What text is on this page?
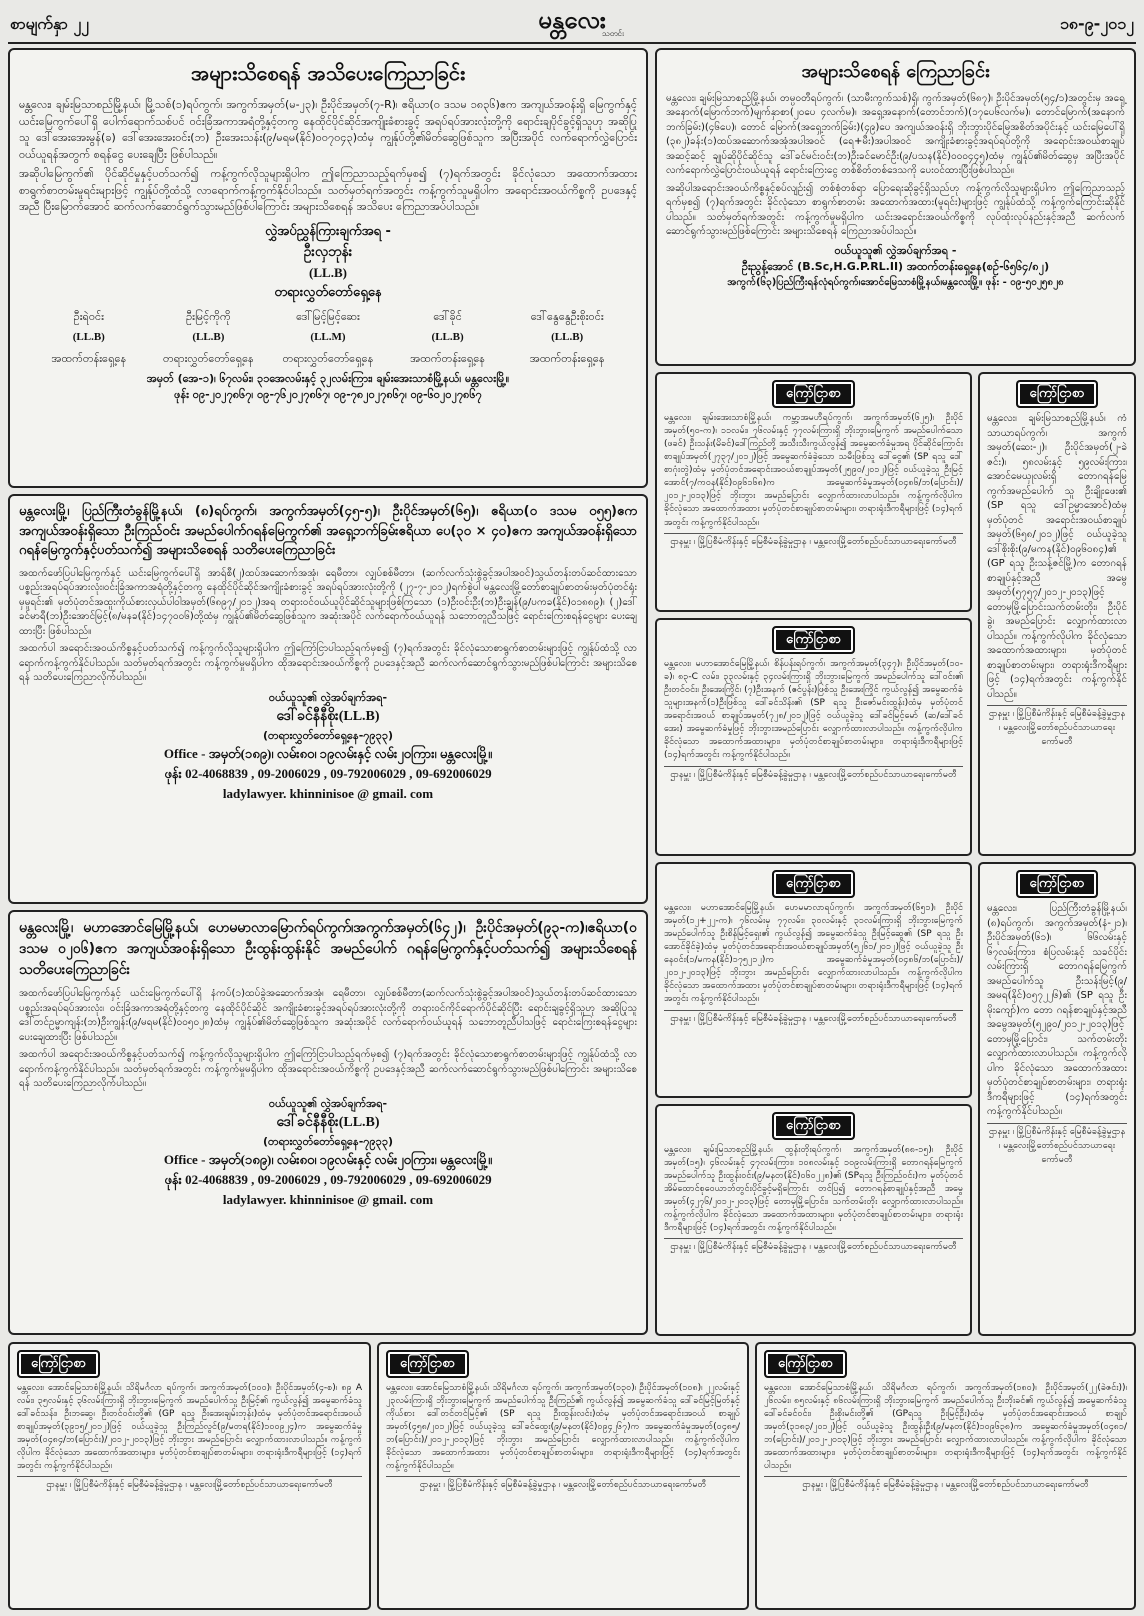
စာမျက်နှာ ၂၂	မန္တလေး
သတင်း
၁၈-၉-၂၀၁၂
အများသိစေရန် အသိပေးကြေညာခြင်း

မန္တလေး၊ ချမ်းမြသာစည်မြို့နယ်၊ မြို့သစ်(၁)ရပ်ကွက်၊ အကွက်အမှတ်(မ-၂၃)၊ ဦးပိုင်အမှတ်(၇-R)၊ ဧရိယာ(၀ ဒသမ ၁၈၃၆)ဧက အကျယ်အဝန်းရှိ မြေကွက်နှင့် ယင်းမြေကွက်ပေါ်ရှိ ပေါက်ရောက်သစ်ပင် ဝင်းခြံအကာအရံတို့နှင့်တကွ နေထိုင်ပိုင်ဆိုင်အကျိုးခံစားခွင့် အရပ်ရပ်အားလုံးတို့ကို ရောင်းချပိုင်ခွင့်ရှိသူဟု အဆိုပြုသူ ဒေါ်အေးအေးမွန်(ခ) ဒေါ်အေးအေးဝင်း(ဘ) ဦးအေးသန်း(၉/မရမ(နိုင်)၀၀၇၀၄၃)ထံမှ ကျွန်ုပ်တို့၏မိတ်ဆွေဖြစ်သူက အပြီးအပိုင် လက်ရောက်လွှဲပြောင်း ဝယ်ယူရန်အတွက် စရန်ငွေ ပေးချေပြီး ဖြစ်ပါသည်။

အဆိုပါမြေကွက်၏ ပိုင်ဆိုင်မှုနှင့်ပတ်သက်၍ ကန့်ကွက်လိုသူများရှိပါက ဤကြေညာသည့်ရက်မှစ၍ (၇)ရက်အတွင်း ခိုင်လုံသော အထောက်အထား စာရွက်စာတမ်းမူရင်းများဖြင့် ကျွန်ုပ်တို့ထံသို့ လာရောက်ကန့်ကွက်နိုင်ပါသည်။ သတ်မှတ်ရက်အတွင်း ကန့်ကွက်သူမရှိပါက အရောင်းအဝယ်ကိစ္စကို ဥပဒေနှင့်အညီ ပြီးမြောက်အောင် ဆက်လက်ဆောင်ရွက်သွားမည်ဖြစ်ပါကြောင်း အများသိစေရန် အသိပေး ကြေညာအပ်ပါသည်။

လွှဲအပ်ညွှန်ကြားချက်အရ -
ဦးလှဘုန်း
(LL.B)
တရားလွှတ်တော်ရှေ့နေ
ဦးရဲဝင်း	ဦးမြင့်ကိုကို	ဒေါ်မြင့်မြင့်ဆေး	ဒေါ်ခိုင်	ဒေါ်နွေနွေဦးစိုးဝင်း
(LL.B)	(LL.B)	(LL.M)	(LL.B)	(LL.B)
အထက်တန်းရှေ့နေ	တရားလွှတ်တော်ရှေ့နေ	တရားလွှတ်တော်ရှေ့နေ	အထက်တန်းရှေ့နေ	အထက်တန်းရှေ့နေ
အမှတ် (အေ-၁)၊ ၆၇လမ်း၊ ၃၁အေလမ်းနှင့် ၃၂လမ်းကြား၊ ချမ်းအေးသာစံမြို့နယ်၊ မန္တလေးမြို့။
ဖုန်း ၀၉-၂၀၂၇၈၆၇၊ ၀၉-၇၆၂၀၂၇၈၆၇၊ ၀၉-၇၈၂၀၂၇၈၆၇၊ ၀၉-၆၀၂၀၂၇၈၆၇
အများသိစေရန် ကြေညာခြင်း

မန္တလေး၊ ချမ်းမြသာစည်မြို့နယ်၊ တမ္ပဝတီရပ်ကွက်၊ (သာမီးကွက်သစ်)ရှိ၊ ကွက်အမှတ်(၆၈၇)၊ ဦးပိုင်အမှတ်(၅၄/၁)အတွင်းမှ အရှေ့အနောက်(မြောက်ဘက်)မျက်နှာစာ(၂၀ပေ ၄လက်မ)၊ အရှေ့အနောက်(တောင်ဘက်)(၁၇ပေ၆လက်မ)၊ တောင်မြောက်(အနောက်ဘက်ခြမ်း)(၄၆ပေ)၊ တောင် မြောက်(အရှေ့ဘက်ခြမ်း)(၄၉)ပေ အကျယ်အဝန်းရှိ ဘိုးဘွားပိုင်မြေအစိတ်အပိုင်းနှင့် ယင်းမြေပေါ်ရှိ (၃၈၂)ခန်း(၁)ထပ်အဆောက်အအုံအပါအဝင် (ရေ+မီး)အပါအဝင် အကျိုးခံစားခွင့်အရပ်ရပ်တို့ကို အရောင်းအဝယ်စာချုပ်အဆင့်ဆင့် ချုပ်ဆိုပိုင်ဆိုင်သူ ဒေါ်ခင်မင်းဝင်း(ဘ)ဦးခင်မောင်ဦး(၉/ပသန(နိုင်)၀၀၀၄၄၅)ထံမှ ကျွန်ုပ်၏မိတ်ဆွေမှ အပြီးအပိုင် လက်ရောက်လွှဲပြောင်းဝယ်ယူရန် ရောင်းကြေးငွေ တစ်စိတ်တစ်ဒေသကို ပေးဝင်ထားပြီးဖြစ်ပါသည်။

အဆိုပါအရောင်းအဝယ်ကိစ္စနှင့်စပ်လျဉ်း၍ တစ်စုံတစ်ရာ ပြောရေးဆိုခွင့်ရှိသည်ဟု ကန့်ကွက်လိုသူများရှိပါက ဤကြေညာသည့်ရက်မှစ၍ (၇)ရက်အတွင်း ခိုင်လုံသော စာရွက်စာတမ်း အထောက်အထား(မူရင်း)များဖြင့် ကျွန်ုပ်ထံသို့ ကန့်ကွက်ကြောင်းဆိုနိုင်ပါသည်။ သတ်မှတ်ရက်အတွင်း ကန့်ကွက်မှုမရှိပါက ယင်းအရောင်းအဝယ်ကိစ္စကို လုပ်ထုံးလုပ်နည်းနှင့်အညီ ဆက်လက်ဆောင်ရွက်သွားမည်ဖြစ်ကြောင်း အများသိစေရန် ကြေညာအပ်ပါသည်။

ဝယ်ယူသူ၏ လွှဲအပ်ချက်အရ -
ဦးညွန့်အောင် (B.Sc,H.G.P.RL.II) အထက်တန်းရှေ့နေ(စဉ်-၆၅၆၄/၈၂)
အကွက်(၆၃)ပြည်ကြီးရန်လုံရပ်ကွက်၊အောင်မြေသာစံမြို့နယ်၊မန္တလေးမြို့။ ဖုန်း - ၀၉-၅၀၂၅၈၂၈
မန္တလေးမြို့၊ ပြည်ကြီးတံခွန်မြို့နယ်၊ (၈)ရပ်ကွက်၊ အကွက်အမှတ်(၄၅-၅)၊ ဦးပိုင်အမှတ်(၆၅)၊ ဧရိယာ(၀ ဒသမ ၀၅၅)ဧက အကျယ်အဝန်းရှိသော ဦးကြည်ဝင်း အမည်ပေါက်ဂရန်မြေကွက်၏ အရှေ့ဘက်ခြမ်းဧရိယာ ပေ(၃၀ × ၄၀)ဧက အကျယ်အဝန်းရှိသော ဂရန်မြေကွက်နှင့်ပတ်သက်၍ အများသိစေရန် သတိပေးကြေညာခြင်း

အထက်ဖော်ပြပါမြေကွက်နှင့် ယင်းမြေကွက်ပေါ်ရှိ အာရ်စီ(၂)ထပ်အဆောက်အအုံ၊ ရေမီတာ၊ လျှပ်စစ်မီတာ၊ (ဆက်လက်သုံးစွဲခွင့်အပါအဝင်)သွယ်တန်းတပ်ဆင်ထားသော ပစ္စည်းအရပ်ရပ်အားလုံး၊ဝင်းခြံအကာအရံတို့နှင့်တကွ နေထိုင်ပိုင်ဆိုင်အကျိုးခံစားခွင့် အရပ်ရပ်အားလုံးတို့ကို (၂၇-၇-၂၀၁၂)ရက်စွဲပါ မန္တလေးမြို့တော်စာချုပ်စာတမ်းမှတ်ပုံတင်ရုံးမှမူရင်း၏ မှတ်ပုံတင်အထူးကိုယ်စားလှယ်ပါဝါအမှတ်(၆၈၉၇/၂၀၁၂)အရ တရားဝင်ဝယ်ယူပိုင်ဆိုင်သူများဖြစ်ကြသော (၁)ဦးဝင်းဦး(ဘ)ဦးချွန်(၉/ပကခ(နိုင်)၀၁၈၈၉)၊ (၂)ဒေါ်ခင်မာရီ(ဘ)ဦးအောင်မြင့်(၈/မနခ(နိုင်)၁၄၇၀၀၆)တို့ထံမှ ကျွန်ုပ်၏မိတ်ဆွေဖြစ်သူက အဆုံးအပိုင် လက်ရောက်ဝယ်ယူရန် သဘောတူညီသဖြင့် ရောင်းကြေးစရန်ငွေများ ပေးချေထားပြီး ဖြစ်ပါသည်။

အထက်ပါ အရောင်းအဝယ်ကိစ္စနှင့်ပတ်သက်၍ ကန့်ကွက်လိုသူများရှိပါက ဤကြော်ငြာပါသည့်ရက်မှစ၍ (၇)ရက်အတွင်း ခိုင်လုံသောစာရွက်စာတမ်းများဖြင့် ကျွန်ုပ်ထံသို့ လာရောက်ကန့်ကွက်နိုင်ပါသည်။ သတ်မှတ်ရက်အတွင်း ကန့်ကွက်မှုမရှိပါက ထိုအရောင်းအဝယ်ကိစ္စကို ဥပဒေနှင့်အညီ ဆက်လက်ဆောင်ရွက်သွားမည်ဖြစ်ပါကြောင်း အများသိစေရန် သတိပေးကြေညာလိုက်ပါသည်။

ဝယ်ယူသူ၏ လွှဲအပ်ချက်အရ-
ဒေါ်ခင်နီနီစိုး(LL.B)
(တရားလွှတ်တော်ရှေ့နေ-၇၉၃၃)
Office - အမှတ်(၁၈၉)၊ လမ်း၈၀၊ ၁၉လမ်းနှင့် လမ်း၂၀ကြား၊ မန္တလေးမြို့။
ဖုန်း 02-4068839 , 09-2006029 , 09-792006029 , 09-692006029
ladylawyer. khinninisoe @ gmail. com
မန္တလေးမြို့၊ မဟာအောင်မြေမြို့နယ်၊ ဟေမမာလာမြောက်ရပ်ကွက်၊အကွက်အမှတ်(၆၄၂)၊ ဦးပိုင်အမှတ်(၉၃-က)၊ဧရိယာ(၀ ဒသမ ၀၂၀၆)ဧက အကျယ်အဝန်းရှိသော ဦးထွန်းထွန်းနိုင် အမည်ပေါက် ဂရန်မြေကွက်နှင့်ပတ်သက်၍ အများသိစေရန် သတိပေးကြေညာခြင်း

အထက်ဖော်ပြပါမြေကွက်နှင့် ယင်းမြေကွက်ပေါ်ရှိ နံကပ်(၁)ထပ်ခွဲအဆောက်အအုံ၊ ရေမီတာ၊ လျှပ်စစ်မီတာ(ဆက်လက်သုံးစွဲခွင့်အပါအဝင်)သွယ်တန်းတပ်ဆင်ထားသော ပစ္စည်းအရပ်ရပ်အားလုံး၊ ဝင်းခြံအကာအရံတို့နှင့်တကွ နေထိုင်ပိုင်ဆိုင် အကျိုးခံစားခွင့်အရပ်ရပ်အားလုံးတို့ကို တရားဝင်ကိုင်ရောက်ပိုင်ဆိုင်ပြီး ရောင်းချခွင့်ရှိသူဟု အဆိုပြုသူ ဒေါ်တင်ဥမ္မာကျန်း(ဘ)ဦးကျွန်း(၉/မရမ(နိုင်)၀၀၅၀၂၈)ထံမှ ကျွန်ုပ်၏မိတ်ဆွေဖြစ်သူက အဆုံးအပိုင် လက်ရောက်ဝယ်ယူရန် သဘောတူညီပါသဖြင့် ရောင်းကြေးစရန်ငွေများ ပေးချေထားပြီး ဖြစ်ပါသည်။

အထက်ပါ အရောင်းအဝယ်ကိစ္စနှင့်ပတ်သက်၍ ကန့်ကွက်လိုသူများရှိပါက ဤကြော်ငြာပါသည့်ရက်မှစ၍ (၇)ရက်အတွင်း ခိုင်လုံသောစာရွက်စာတမ်းများဖြင့် ကျွန်ုပ်ထံသို့ လာရောက်ကန့်ကွက်နိုင်ပါသည်။ သတ်မှတ်ရက်အတွင်း ကန့်ကွက်မှုမရှိပါက ထိုအရောင်းအဝယ်ကိစ္စကို ဥပဒေနှင့်အညီ ဆက်လက်ဆောင်ရွက်သွားမည်ဖြစ်ပါကြောင်း အများသိစေရန် သတိပေးကြေညာလိုက်ပါသည်။

ဝယ်ယူသူ၏ လွှဲအပ်ချက်အရ-
ဒေါ်ခင်နီနီစိုး(LL.B)
(တရားလွှတ်တော်ရှေ့နေ-၇၉၃၃)
Office - အမှတ်(၁၈၉)၊ လမ်း၈၀၊ ၁၉လမ်းနှင့် လမ်း၂၀ကြား၊ မန္တလေးမြို့။
ဖုန်း 02-4068839 , 09-2006029 , 09-792006029 , 09-692006029
ladylawyer. khinninisoe @ gmail. com
ကြော်ငြာစာ

မန္တလေး၊ ချမ်းအေးသာစံမြို့နယ်၊ ကမ္ဘာ့အမဟီရပ်ကွက်၊ အကွက်အမှတ်(၆၂၅)၊ ဦးပိုင်အမှတ်(၅၀-က)၊ ၁၁လမ်း၊ ၇၆လမ်းနှင့် ၇၇လမ်းကြားရှိ ဘိုးဘွားမြေကွက် အမည်ပေါက်သော (ဖခင်) ဦးသန်း(မိခင်)ဒေါ်ကြည်တို့ အသီးသီးကွယ်လွန်၍ အမွေဆက်ခံမှုအရ ပိုင်ဆိုင်ကြောင်း စာချုပ်အမှတ်(၂၇၃၇/၂၀၁၂)ဖြင့် အမွေဆက်ခံခဲ့သော သမီးဖြစ်သူ ဒေါ်ငွေ၏ (SP ရသူ ဒေါ်စာဂုံးတွဲ)ထံမှ မှတ်ပုံတင်အရောင်းအဝယ်စာချုပ်အမှတ်(၂၅၉၀/၂၀၁၂)ဖြင့် ဝယ်ယူခဲ့သူ ဦးမြင့်အောင်(၇/ကဝန(နိုင်)၀၉၆၁၆၈)က အမွေဆက်ခံမှုအမှတ်(၀၄၈၆/ဘ(ပြောင်း)/၂၀၁၂-၂၀၁၃)ဖြင့် ဘိုးဘွား အမည်ပြောင်း လျှောက်ထားလာပါသည်။ ကန့်ကွက်လိုပါက ခိုင်လုံသော အထောက်အထား မှတ်ပုံတင်စာချုပ်စာတမ်းများ၊ တရားရုံးဒီကရီများဖြင့် (၁၄)ရက်အတွင်း ကန့်ကွက်နိုင်ပါသည်။

ဌာနမှူး ၊ မြို့ပြစီမံကိန်းနှင့် မြေစီမံခန့်ခွဲမှုဌာန ၊ မန္တလေးမြို့တော်စည်ပင်သာယာရေးကော်မတီ
ကြော်ငြာစာ

မန္တလေး၊ ချမ်းမြသာစည်မြို့နယ်၊ ကံသာယာရပ်ကွက်၊ အကွက်အမှတ်(ဆေး-၂)၊ ဦးပိုင်အမှတ်(၂-ခဲဇင်း)၊ ၅၈လမ်းနှင့် ၅၉လမ်းကြား၊ အောင်မေယှုလမ်းရှိ တောဂရန်မြေကွက်အမည်ပေါက် သူ ဦးချိုးဖေး၏ (SP ရသူ ဒေါ်ဥမ္မာအောင်)ထံမှ မှတ်ပုံတင် အရောင်းအဝယ်စာချုပ်အမှတ်(၆၅၈/၂၀၁၂)ဖြင့် ဝယ်ယူခဲ့သူ ဒေါ်စိုးစိုး(၉/မကန(နိုင်)၀၉၆၀၈၄)၏ (GP ရသူ ဦးသန့်ဇင်မြို့)က တောဂရန်စာချုပ်နှင့်အညီ အမွေအမှတ်(၅၇၅၇/၂၀၁၂-၂၀၁၃)ဖြင့် တောမှမြို့ပြောင်းသက်တမ်းတိုး၊ ဦးပိုင်ခွဲ၊ အမည်ပြောင်း လျှောက်ထားလာပါသည်။ ကန့်ကွက်လိုပါက ခိုင်လုံသော အထောက်အထားများ၊ မှတ်ပုံတင်စာချုပ်စာတမ်းများ၊ တရားရုံးဒီကရီများဖြင့် (၁၄)ရက်အတွင်း ကန့်ကွက်နိုင်ပါသည်။

ဌာနမှူး ၊ မြို့ပြစီမံကိန်းနှင့် မြေစီမံခန့်ခွဲမှုဌာန ၊ မန္တလေးမြို့တော်စည်ပင်သာယာရေးကော်မတီ
ကြော်ငြာစာ

မန္တလေး၊ မဟာအောင်မြေမြို့နယ်၊ စိန်ပန်းရပ်ကွက်၊ အကွက်အမှတ်(၃၄၇)၊ ဦးပိုင်အမှတ်(၁၀-ခ)၊ ၈၃-C လမ်း၊ ၃၃လမ်းနှင့် ၃၄လမ်းကြားရှိ ဘိုးဘွားမြေကွက် အမည်ပေါက်သူ ဒေါ်ဝင်း၏ ဦးတင်ဝင်း၊ ဦးအေးကြိုင်၊ (၇)ဦးအနက် (ဧင်ပွန်း)ဖြစ်သူ ဦးအေးကြိုင် ကွယ်လွန်၍ အမွေဆက်ခံသူများအနက်(၁)ဦးဖြစ်သူ ဒေါ်ခင်သိန်း၏ (SP ရသူ ဦးဇော်မင်းထွန်း)ထံမှ မှတ်ပုံတင်အရောင်းအဝယ် စာချုပ်အမှတ်(၇၂၈/၂၀၁၂)ဖြင့် ဝယ်ယူခဲ့သူ ဒေါ်ခင်မြင့်မော် (ဆ/ဒေါ်ခင်အေး) အမွေဆက်ခံမှုဖြင့် ဘိုးဘွားအမည်ပြောင်း လျှောက်ထားလာပါသည်။ ကန့်ကွက်လိုပါက ခိုင်လုံသော အထောက်အထားများ၊ မှတ်ပုံတင်စာချုပ်စာတမ်းများ၊ တရားရုံးဒီကရီများဖြင့် (၁၄)ရက်အတွင်း ကန့်ကွက်နိုင်ပါသည်။

ဌာနမှူး ၊ မြို့ပြစီမံကိန်းနှင့် မြေစီမံခန့်ခွဲမှုဌာန ၊ မန္တလေးမြို့တော်စည်ပင်သာယာရေးကော်မတီ
ကြော်ငြာစာ

မန္တလေး၊ မဟာအောင်မြေမြို့နယ်၊ ဟေမမာလာရပ်ကွက်၊ အကွက်အမှတ်(၆၅၁)၊ ဦးပိုင်အမှတ်(၁၂+၂၂-က)၊ ၇၆လမ်းမှ ၇၇လမ်း၊ ၃၀လမ်းနှင့် ၃၁လမ်းကြားရှိ ဘိုးဘွားမြေကွက် အမည်ပေါက်သူ ဦးစိန်မြင့်ရှေး၏ ကွယ်လွန်၍ အမွေဆက်ခံသူ ဦးမြင့်ဆွေ၏ (SP ရသူ ဦးအောင်ခိုင်ခဲ့)ထံမှ မှတ်ပုံတင်အရောင်းအဝယ်စာချုပ်အမှတ်(၅၂၆၁/၂၀၁၂)ဖြင့် ဝယ်ယူခဲ့သူ ဦးနေဝင်း(၁/မကန(နိုင်)၁၇၅၂၁၂)က အမွေဆက်ခံမှုအမှတ်(၀၄၈၆/ဘ(ပြောင်း)/၂၀၁၂-၂၀၁၃)ဖြင့် ဘိုးဘွား အမည်ပြောင်း လျှောက်ထားလာပါသည်။ ကန့်ကွက်လိုပါက ခိုင်လုံသော အထောက်အထား မှတ်ပုံတင်စာချုပ်စာတမ်းများ၊ တရားရုံးဒီကရီများဖြင့် (၁၄)ရက်အတွင်း ကန့်ကွက်နိုင်ပါသည်။

ဌာနမှူး ၊ မြို့ပြစီမံကိန်းနှင့် မြေစီမံခန့်ခွဲမှုဌာန ၊ မန္တလေးမြို့တော်စည်ပင်သာယာရေးကော်မတီ
ကြော်ငြာစာ

မန္တလေး၊ ပြည်ကြီးတံခွန်မြို့နယ်၊ (၈)ရပ်ကွက်၊ အကွက်အမှတ်(နံ-၂၁)၊ ဦးပိုင်အမှတ်(၆၁)၊ ၆၆လမ်းနှင့် ၆၇လမ်းကြား၊ စံပြလမ်းနှင့် သခင်ပိုင်းလမ်းကြားရှိ တောဂရန်မြေကွက် အမည်ပေါက်သူ ဦးသန်းမြင့်(၉/အမရ(နိုင်)၀၅၇၂၂၆)၏ (SP ရသူ ဦးမိုးကျော်)က တော ဂရန်စာချုပ်နှင့်အညီ အမွေအမှတ်(၅၂၉၀/၂၀၁၂-၂၀၁၃)ဖြင့် တောမှမြို့ပြောင်း၊ သက်တမ်းတိုး လျှောက်ထားလာပါသည်။ ကန့်ကွက်လိုပါက ခိုင်လုံသော အထောက်အထား မှတ်ပုံတင်စာချုပ်စာတမ်းများ၊ တရားရုံးဒီကရီများဖြင့် (၁၄)ရက်အတွင်း ကန့်ကွက်နိုင်ပါသည်။

ဌာနမှူး ၊ မြို့ပြစီမံကိန်းနှင့် မြေစီမံခန့်ခွဲမှုဌာန ၊ မန္တလေးမြို့တော်စည်ပင်သာယာရေးကော်မတီ
ကြော်ငြာစာ

မန္တလေး၊ ချမ်းမြသာစည်မြို့နယ်၊ ထွန်းတိုးရပ်ကွက်၊ အကွက်အမှတ်(၈၈-၁၅)၊ ဦးပိုင်အမှတ်(၁၅)၊ ၄၆လမ်းနှင့် ၄၇လမ်းကြား၊ ၁၀၈လမ်းနှင့် ၁၀၉လမ်းကြားရှိ တောဂရန်မြေကွက်အမည်ပေါက်သူ ဦးထွန်းဝင်း(၉/မနတ(နိုင်)၀၆၀၂၂၈)၏ (SPရသူ ဦးကြည်ဝင်း)က မှတ်ပုံတင် အိမ်ထောင်စုဝေယာဘ်တွင်းပိုင်ခွင့်မရှိကြောင်း တင်ပြ၍ တောဂရန်စာချုပ်နှင့်အညီ အမွေအမှတ်(၄၂၇၆/၂၀၁၂-၂၀၁၃)ဖြင့် တောမှမြို့ပြောင်း၊ သက်တမ်းတိုး လျှောက်ထားလာပါသည်။ ကန့်ကွက်လိုပါက ခိုင်လုံသော အထောက်အထားများ၊ မှတ်ပုံတင်စာချုပ်စာတမ်းများ၊ တရားရုံးဒီကရီများဖြင့် (၁၄)ရက်အတွင်း ကန့်ကွက်နိုင်ပါသည်။

ဌာနမှူး ၊ မြို့ပြစီမံကိန်းနှင့် မြေစီမံခန့်ခွဲမှုဌာန ၊ မန္တလေးမြို့တော်စည်ပင်သာယာရေးကော်မတီ
ကြော်ငြာစာ

မန္တလေး၊ အောင်မြေသာစံမြို့နယ်၊ သိရိမင်္ဂလာ ရပ်ကွက်၊ အကွက်အမှတ်(၁၀၀)၊ ဦးပိုင်အမှတ်(၄-စ)၊ ၈၉ A လမ်း၊ ၃၅လမ်းနှင့် ၃၆လမ်းကြားရှိ ဘိုးဘွားမြေကွက် အမည်ပေါက်သူ ဦးမြင့်၏ ကွယ်လွန်၍ အမွေဆက်ခံသူ ဒေါ်ခင်သန်း၊ ဦးဘဆွေ၊ ဦးတင်ဝင်းတို့၏ (GP ရသူ ဦးအေးချမ်းဘုန်း)ထံမှ မှတ်ပုံတင်အရောင်းအဝယ် စာချုပ်အမှတ်(၃၉၁၅/၂၀၁၂)ဖြင့် ဝယ်ယူခဲ့သူ ဦးကြည်လွင်(၉/မတရ(နိုင်)၁၀၀၉၂၄)က အမွေဆက်ခံမှုအမှတ်(၀၄၈၄/ဘ(ပြောင်း)/၂၀၁၂-၂၀၁၃)ဖြင့် ဘိုးဘွား အမည်ပြောင်း လျှောက်ထားလာပါသည်။ ကန့်ကွက်လိုပါက ခိုင်လုံသော အထောက်အထားများ၊ မှတ်ပုံတင်စာချုပ်စာတမ်းများ၊ တရားရုံးဒီကရီများဖြင့် (၁၄)ရက်အတွင်း ကန့်ကွက်နိုင်ပါသည်။

ဌာနမှူး ၊ မြို့ပြစီမံကိန်းနှင့် မြေစီမံခန့်ခွဲမှုဌာန ၊ မန္တလေးမြို့တော်စည်ပင်သာယာရေးကော်မတီ
ကြော်ငြာစာ

မန္တလေး၊ အောင်မြေသာစံမြို့နယ်၊ သိရိမင်္ဂလာ ရပ်ကွက်၊ အကွက်အမှတ်(၁၃၀)၊ ဦးပိုင်အမှတ်(၁၀၈)၊ ၂၂လမ်းနှင့် ၂၃လမ်းကြားရှိ ဘိုးဘွားမြေကွက် အမည်ပေါက်သူ ဦးကြည်၏ ကွယ်လွန်၍ အမွေဆက်ခံသူ ဒေါ်ခင်မြင့်မြတ်နှင့် ကိုယ်စား ဒေါ်တင်တင်မြင့်၏ (SP ရသူ ဦးထွန်းလင်း)ထံမှ မှတ်ပုံတင်အရောင်းအဝယ် စာချုပ်အမှတ်(၄၅၈/၂၀၁၂)ဖြင့် ဝယ်ယူခဲ့သူ ဒေါ်ခင်ထွေး(၉/မနတ(နိုင်)၀၉၄၂၆၇)က အမွေဆက်ခံမှုအမှတ်(၀၄၈၅/ဘ(ပြောင်း)/၂၀၁၂-၂၀၁၃)ဖြင့် ဘိုးဘွား အမည်ပြောင်း လျှောက်ထားလာပါသည်။ ကန့်ကွက်လိုပါက ခိုင်လုံသော အထောက်အထား မှတ်ပုံတင်စာချုပ်စာတမ်းများ၊ တရားရုံးဒီကရီများဖြင့် (၁၄)ရက်အတွင်း ကန့်ကွက်နိုင်ပါသည်။

ဌာနမှူး ၊ မြို့ပြစီမံကိန်းနှင့် မြေစီမံခန့်ခွဲမှုဌာန ၊ မန္တလေးမြို့တော်စည်ပင်သာယာရေးကော်မတီ
ကြော်ငြာစာ

မန္တလေး၊ အောင်မြေသာစံမြို့နယ်၊ သိရိမင်္ဂလာ ရပ်ကွက်၊ အကွက်အမှတ်(၁၈၀)၊ ဦးပိုင်အမှတ်(၂၂(ခဲဇင်း))၊ ၂၆လမ်း၊ ၈၅လမ်းနှင့် ၈၆လမ်းကြားရှိ ဘိုးဘွားမြေကွက် အမည်ပေါက်သူ ဦးဘိုးခင်၏ ကွယ်လွန်၍ အမွေဆက်ခံသူ ဒေါ်ခင်ခင်ဝင်း၊ ဦးစိုးမင်းတို့၏ (GPရသူ ဦးမြင့်ဦး)ထံမှ မှတ်ပုံတင်အရောင်းအဝယ် စာချုပ်အမှတ်(၃၁၈၃/၂၀၁၂)ဖြင့် ဝယ်ယူခဲ့သူ ဦးထွန်းဦး(၉/မနတ(နိုင်)၁၀၉၆၃၈)က အမွေဆက်ခံမှုအမှတ်(၀၄၈၁/ဘ(ပြောင်း)/၂၀၁၂-၂၀၁၃)ဖြင့် ဘိုးဘွား အမည်ပြောင်း လျှောက်ထားလာပါသည်။ ကန့်ကွက်လိုပါက ခိုင်လုံသော အထောက်အထားများ၊ မှတ်ပုံတင်စာချုပ်စာတမ်းများ၊ တရားရုံးဒီကရီများဖြင့် (၁၄)ရက်အတွင်း ကန့်ကွက်နိုင်ပါသည်။

ဌာနမှူး ၊ မြို့ပြစီမံကိန်းနှင့် မြေစီမံခန့်ခွဲမှုဌာန ၊ မန္တလေးမြို့တော်စည်ပင်သာယာရေးကော်မတီ
